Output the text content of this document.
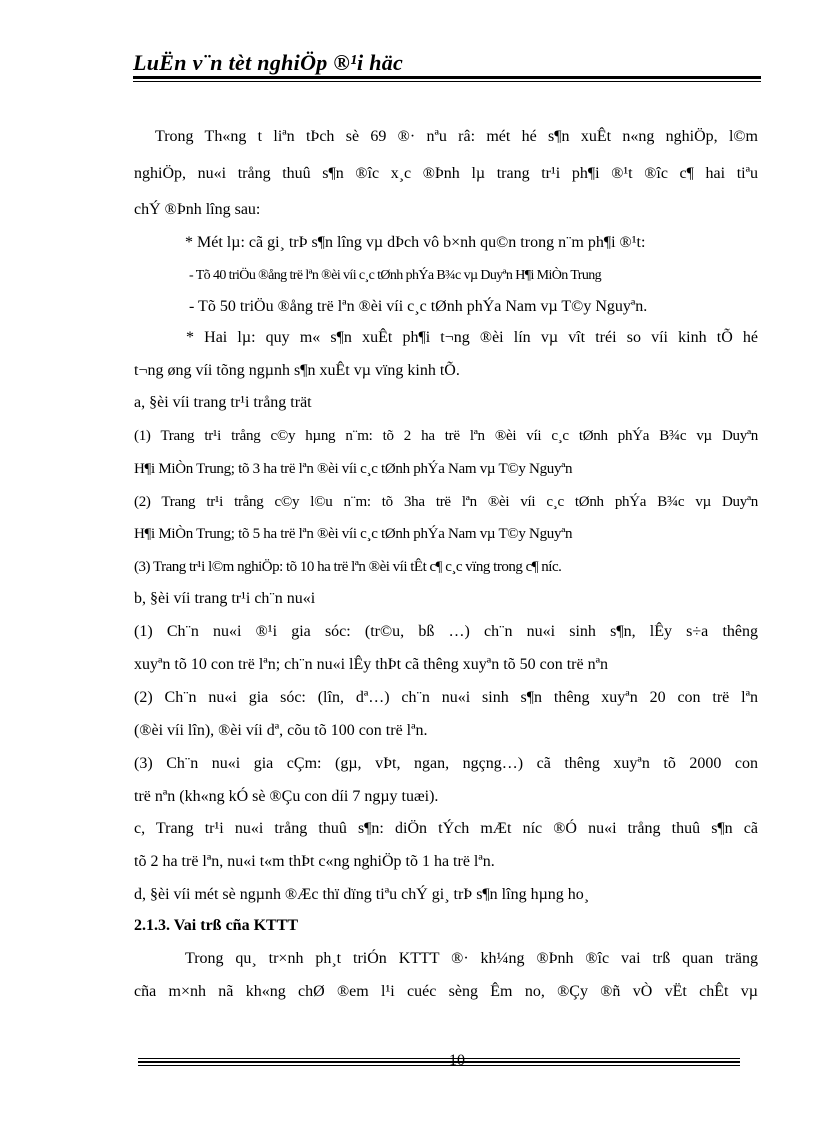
LuËn v¨n tèt nghiÖp ®¹i häc
Trong Th«ng t liªn tÞch sè 69 ®· nªu râ: mét hé s¶n xuÊt n«ng nghiÖp, l©m
nghiÖp, nu«i trång thuû s¶n ®îc x¸c ®Þnh lµ trang tr¹i ph¶i ®¹t ®îc c¶ hai tiªu
chÝ ®Þnh lîng sau:
* Mét lµ: cã gi¸ trÞ s¶n lîng vµ dÞch vô b×nh qu©n trong n¨m ph¶i ®¹t:
- Tõ 40 triÖu ®ång trë lªn ®èi víi c¸c tØnh phÝa B¾c vµ Duyªn H¶i MiÒn Trung
- Tõ 50 triÖu ®ång trë lªn ®èi víi c¸c tØnh phÝa Nam vµ T©y Nguyªn.
* Hai lµ: quy m« s¶n xuÊt ph¶i t¬ng ®èi lín vµ vît tréi so víi kinh tÕ hé
t¬ng øng víi tõng ngµnh s¶n xuÊt vµ vïng kinh tÕ.
a, §èi víi trang tr¹i trång trät
(1) Trang tr¹i trång c©y hµng n¨m: tõ 2 ha trë lªn ®èi víi c¸c tØnh phÝa B¾c vµ Duyªn
H¶i MiÒn Trung; tõ 3 ha trë lªn ®èi víi c¸c tØnh phÝa Nam vµ T©y Nguyªn
(2) Trang tr¹i trång c©y l©u n¨m: tõ 3ha trë lªn ®èi víi c¸c tØnh phÝa B¾c vµ Duyªn
H¶i MiÒn Trung; tõ 5 ha trë lªn ®èi víi c¸c tØnh phÝa Nam vµ T©y Nguyªn
(3) Trang tr¹i l©m nghiÖp: tõ 10 ha trë lªn ®èi víi tÊt c¶ c¸c vïng trong c¶ níc.
b, §èi víi trang tr¹i ch¨n nu«i
(1) Ch¨n nu«i ®¹i gia sóc: (tr©u, bß …) ch¨n nu«i sinh s¶n, lÊy s÷a thêng
xuyªn tõ 10 con trë lªn; ch¨n nu«i lÊy thÞt cã thêng xuyªn tõ 50 con trë nªn
(2) Ch¨n nu«i gia sóc: (lîn, dª…) ch¨n nu«i sinh s¶n thêng xuyªn 20 con trë lªn
(®èi víi lîn), ®èi víi dª, cõu tõ 100 con trë lªn.
(3) Ch¨n nu«i gia cÇm: (gµ, vÞt, ngan, ngçng…) cã thêng xuyªn tõ 2000 con
trë nªn (kh«ng kÓ sè ®Çu con díi 7 ngµy tuæi).
c, Trang tr¹i nu«i trång thuû s¶n: diÖn tÝch mÆt níc ®Ó nu«i trång thuû s¶n cã
tõ 2 ha trë lªn, nu«i t«m thÞt c«ng nghiÖp tõ 1 ha trë lªn.
d, §èi víi mét sè ngµnh ®Æc thï dïng tiªu chÝ gi¸ trÞ s¶n lîng hµng ho¸
2.1.3. Vai trß cña KTTT
Trong qu¸ tr×nh ph¸t triÓn KTTT ®· kh¼ng ®Þnh ®îc vai trß quan träng
cña m×nh nã kh«ng chØ ®em l¹i cuéc sèng Êm no, ®Çy ®ñ vÒ vËt chÊt vµ
10
